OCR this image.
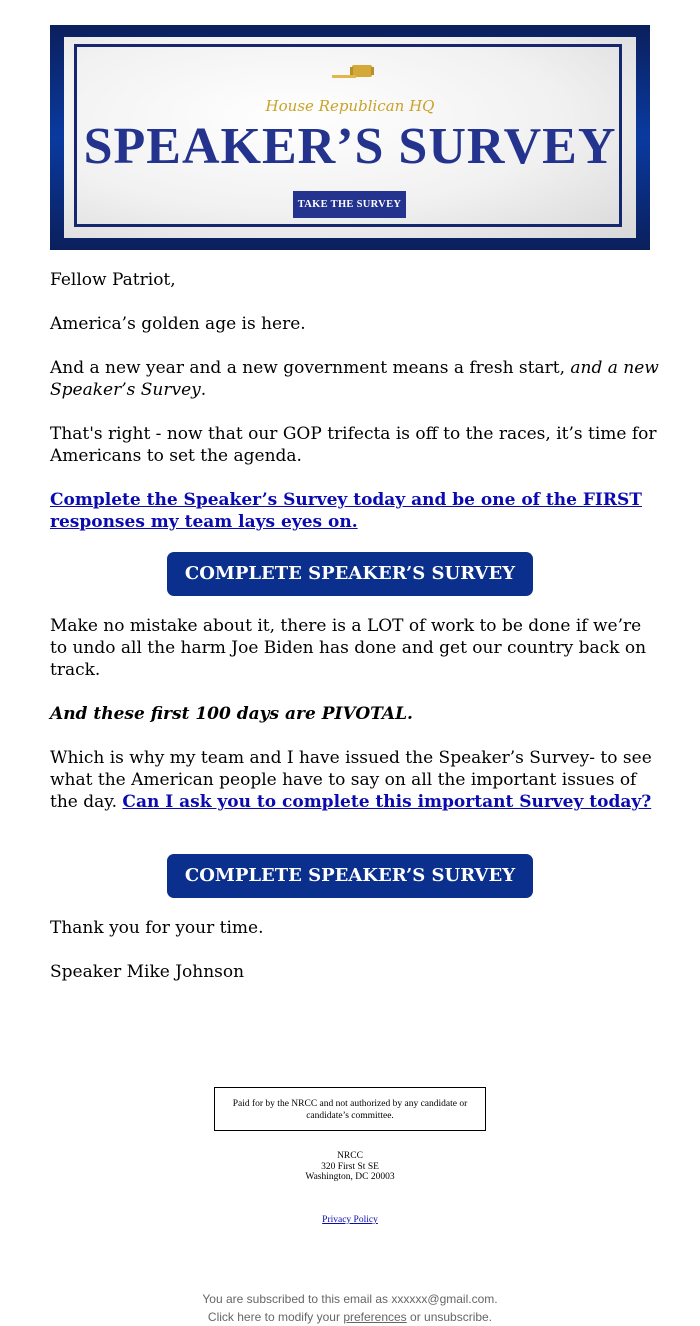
House Republican HQ
SPEAKER’S SURVEY
TAKE THE SURVEY

Fellow Patriot,

America’s golden age is here.

And a new year and a new government means a fresh start, and a new Speaker’s Survey.

That's right - now that our GOP trifecta is off to the races, it’s time for Americans to set the agenda.

Complete the Speaker’s Survey today and be one of the FIRST responses my team lays eyes on.

COMPLETE SPEAKER’S SURVEY

Make no mistake about it, there is a LOT of work to be done if we’re to undo all the harm Joe Biden has done and get our country back on track.

And these first 100 days are PIVOTAL.

Which is why my team and I have issued the Speaker’s Survey- to see what the American people have to say on all the important issues of the day. Can I ask you to complete this important Survey today?

COMPLETE SPEAKER’S SURVEY

Thank you for your time.

Speaker Mike Johnson

Paid for by the NRCC and not authorized by any candidate or candidate’s committee.
NRCC
320 First St SE
Washington, DC 20003
Privacy Policy
You are subscribed to this email as xxxxxx@gmail.com.
Click here to modify your preferences or unsubscribe.
